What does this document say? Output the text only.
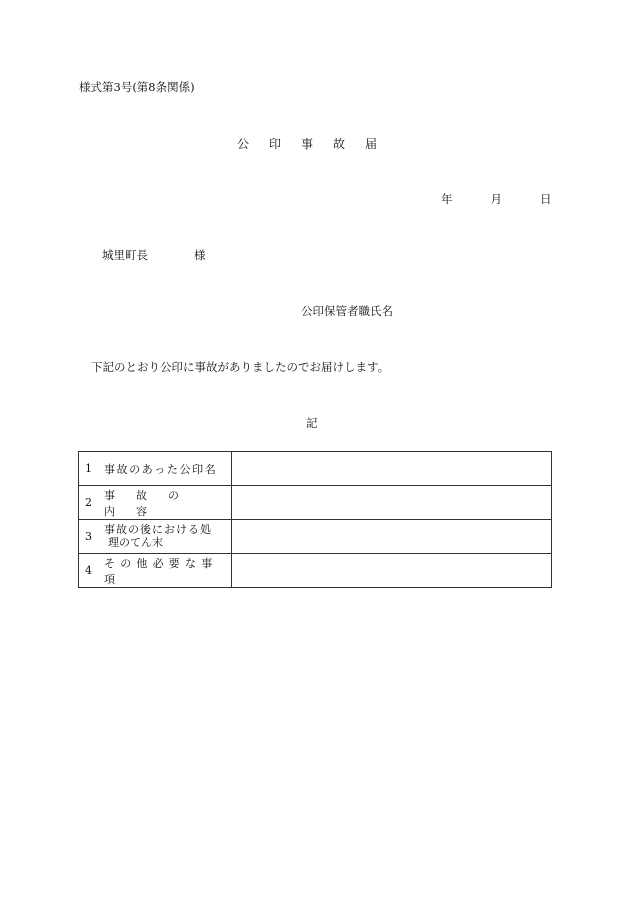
様式第3号(第8条関係)
公印事故届
年	月	日
城里町長	様
公印保管者職氏名
下記のとおり公印に事故がありましたのでお届けします。
記
1 事故のあった公印名	

2
事故の内容	

3
事故の後における処
理のてん末	

4
その他必要な事項	
